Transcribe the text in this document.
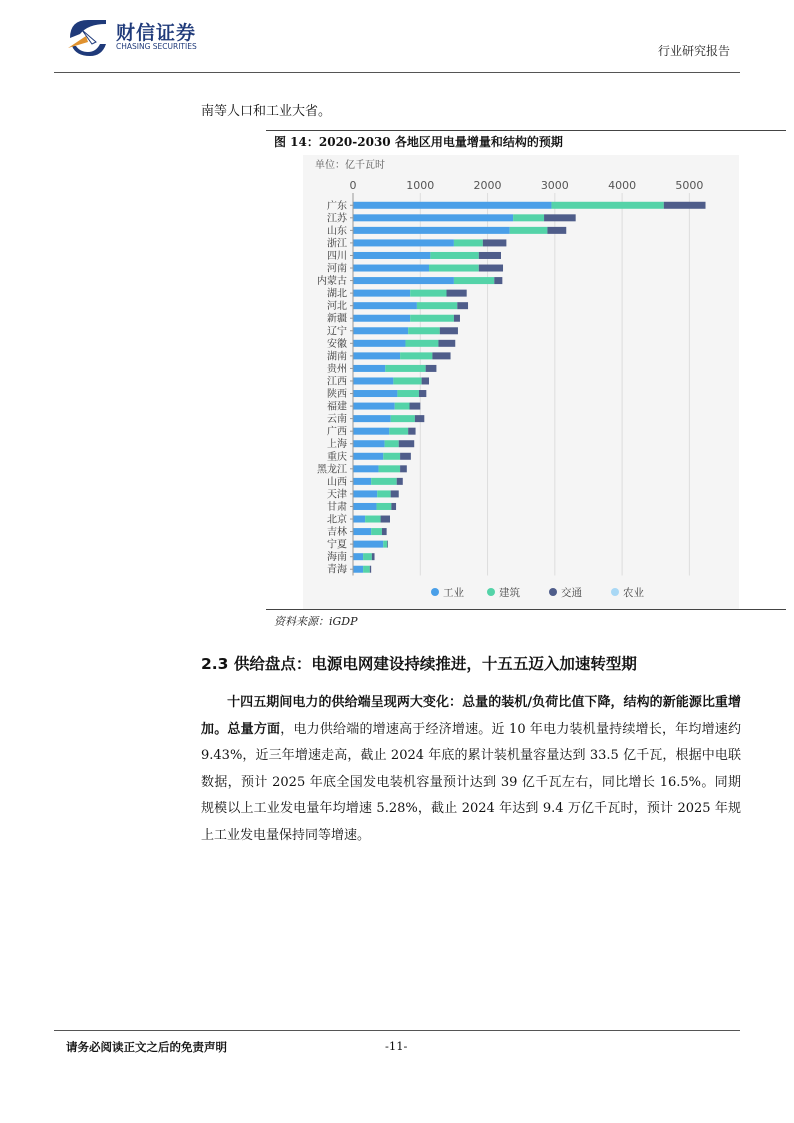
财信证券
CHASING SECURITIES	行业研究报告
南等人口和工业大省。
图 14：2020-2030 各地区用电量增量和结构的预期
单位：亿千瓦时
0	1000	2000	3000	4000	5000
广东
江苏
山东
浙江
四川
河南
内蒙古
湖北
河北
新疆
辽宁
安徽
湖南
贵州
江西
陕西
福建
云南
广西
上海
重庆
黑龙江
山西
天津
甘肃
北京
吉林
宁夏
海南
青海
工业	建筑	交通	农业
资料来源：iGDP
2.3 供给盘点：电源电网建设持续推进，十五五迈入加速转型期
　　十四五期间电力的供给端呈现两大变化：总量的装机/负荷比值下降，结构的新能源比重增加。总量方面，电力供给端的增速高于经济增速。近 10 年电力装机量持续增长，年均增速约 9.43%，近三年增速走高，截止 2024 年底的累计装机量容量达到 33.5 亿千瓦，根据中电联数据，预计 2025 年底全国发电装机容量预计达到 39 亿千瓦左右，同比增长 16.5%。同期规模以上工业发电量年均增速 5.28%，截止 2024 年达到 9.4 万亿千瓦时，预计 2025 年规上工业发电量保持同等增速。
请务必阅读正文之后的免责声明	-11-
